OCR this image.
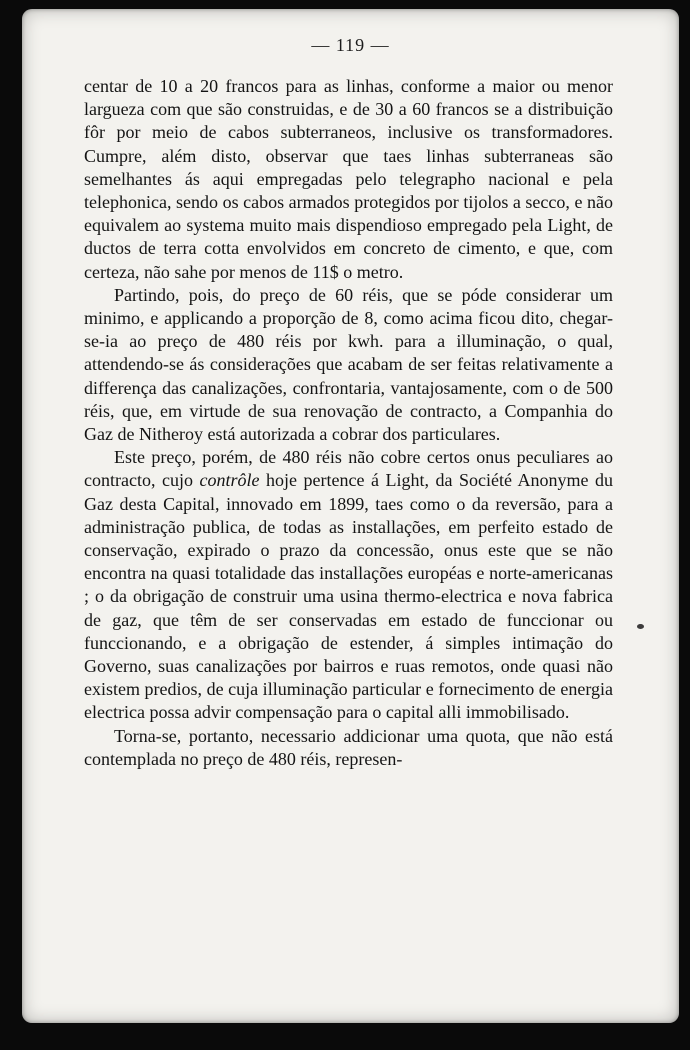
— 119 —

centar de 10 a 20 francos para as linhas, conforme a maior ou menor largueza com que são construidas, e de 30 a 60 francos se a distribuição fôr por meio de cabos subterraneos, inclusive os transformadores. Cumpre, além disto, observar que taes linhas subterraneas são semelhantes ás aqui empregadas pelo telegrapho nacional e pela telephonica, sendo os cabos armados protegidos por tijolos a secco, e não equivalem ao systema muito mais dispendioso empregado pela Light, de ductos de terra cotta envolvidos em concreto de cimento, e que, com certeza, não sahe por menos de 11$ o metro.

Partindo, pois, do preço de 60 réis, que se póde considerar um minimo, e applicando a proporção de 8, como acima ficou dito, chegar-se-ia ao preço de 480 réis por kwh. para a illuminação, o qual, attendendo-se ás considerações que acabam de ser feitas relativamente a differença das canalizações, confrontaria, vantajosamente, com o de 500 réis, que, em virtude de sua renovação de contracto, a Companhia do Gaz de Nitheroy está autorizada a cobrar dos particulares.

Este preço, porém, de 480 réis não cobre certos onus peculiares ao contracto, cujo contrôle hoje pertence á Light, da Société Anonyme du Gaz desta Capital, innovado em 1899, taes como o da reversão, para a administração publica, de todas as installações, em perfeito estado de conservação, expirado o prazo da concessão, onus este que se não encontra na quasi totalidade das installações européas e norte-americanas ; o da obrigação de construir uma usina thermo-electrica e nova fabrica de gaz, que têm de ser conservadas em estado de funccionar ou funccionando, e a obrigação de estender, á simples intimação do Governo, suas canalizações por bairros e ruas remotos, onde quasi não existem predios, de cuja illuminação particular e fornecimento de energia electrica possa advir compensação para o capital alli immobilisado.

Torna-se, portanto, necessario addicionar uma quota, que não está contemplada no preço de 480 réis, represen-
